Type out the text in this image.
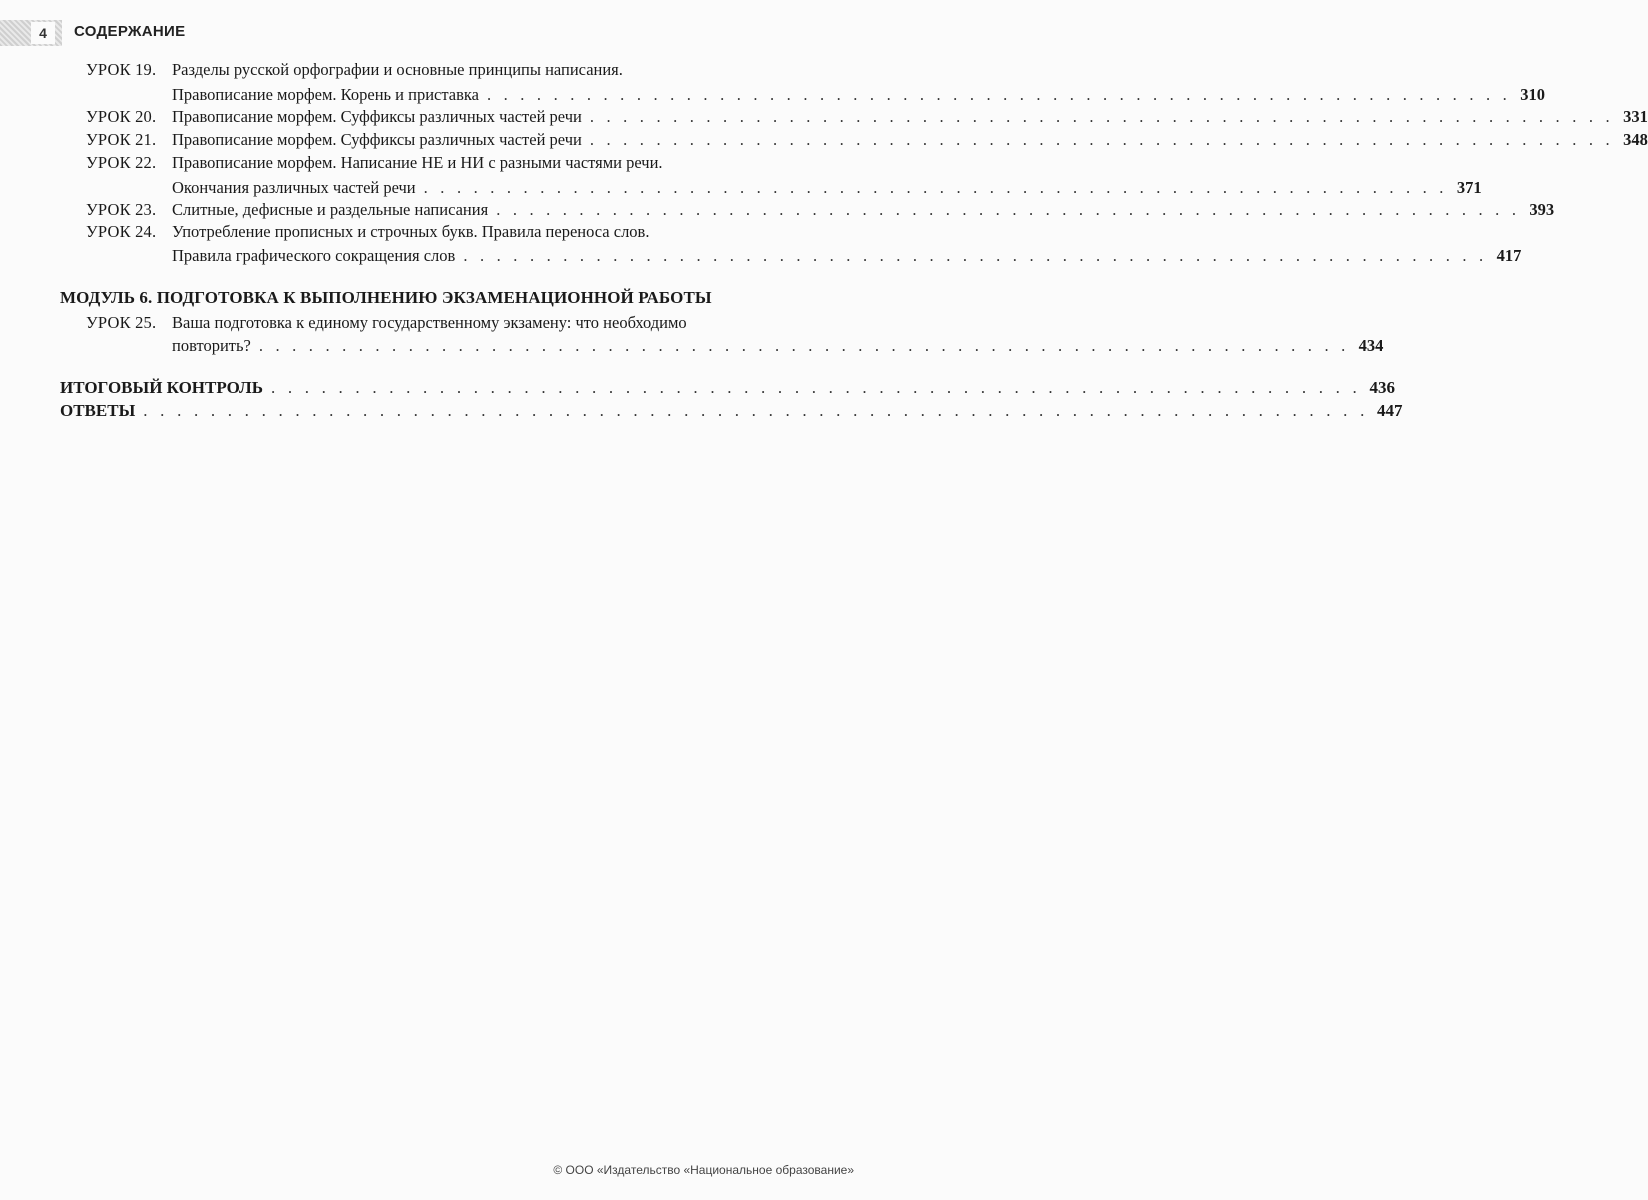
4	СОДЕРЖАНИЕ
УРОК 19. Разделы русской орфографии и основные принципы написания.
Правописание морфем. Корень и приставка . . . . . . . . . . . . . . . . . . . . . . . . . . . . . . . . . . . . . . . . . . . . . . . . . . . . . . . . . . . . . . 310
УРОК 20. Правописание морфем. Суффиксы различных частей речи . . . . . . . . . . . . . . . . . . . . . . . . . . . . . . . . . . . . . . . . . . . . . . . . . . . . . . . . . . . . . . 331
УРОК 21. Правописание морфем. Суффиксы различных частей речи . . . . . . . . . . . . . . . . . . . . . . . . . . . . . . . . . . . . . . . . . . . . . . . . . . . . . . . . . . . . . . 348
УРОК 22. Правописание морфем. Написание НЕ и НИ с разными частями речи.
Окончания различных частей речи . . . . . . . . . . . . . . . . . . . . . . . . . . . . . . . . . . . . . . . . . . . . . . . . . . . . . . . . . . . . . . 371
УРОК 23. Слитные, дефисные и раздельные написания . . . . . . . . . . . . . . . . . . . . . . . . . . . . . . . . . . . . . . . . . . . . . . . . . . . . . . . . . . . . . . 393
УРОК 24. Употребление прописных и строчных букв. Правила переноса слов.
Правила графического сокращения слов . . . . . . . . . . . . . . . . . . . . . . . . . . . . . . . . . . . . . . . . . . . . . . . . . . . . . . . . . . . . . . 417
МОДУЛЬ 6. ПОДГОТОВКА К ВЫПОЛНЕНИЮ ЭКЗАМЕНАЦИОННОЙ РАБОТЫ
УРОК 25. Ваша подготовка к единому государственному экзамену: что необходимо
повторить? . . . . . . . . . . . . . . . . . . . . . . . . . . . . . . . . . . . . . . . . . . . . . . . . . . . . . . . . . . . . . . . . . . 434
ИТОГОВЫЙ КОНТРОЛЬ . . . . . . . . . . . . . . . . . . . . . . . . . . . . . . . . . . . . . . . . . . . . . . . . . . . . . . . . . . . . . . . . . 436
ОТВЕТЫ . . . . . . . . . . . . . . . . . . . . . . . . . . . . . . . . . . . . . . . . . . . . . . . . . . . . . . . . . . . . . . . . . . . . . . . . . 447
© ООО «Издательство «Национальное образование»
